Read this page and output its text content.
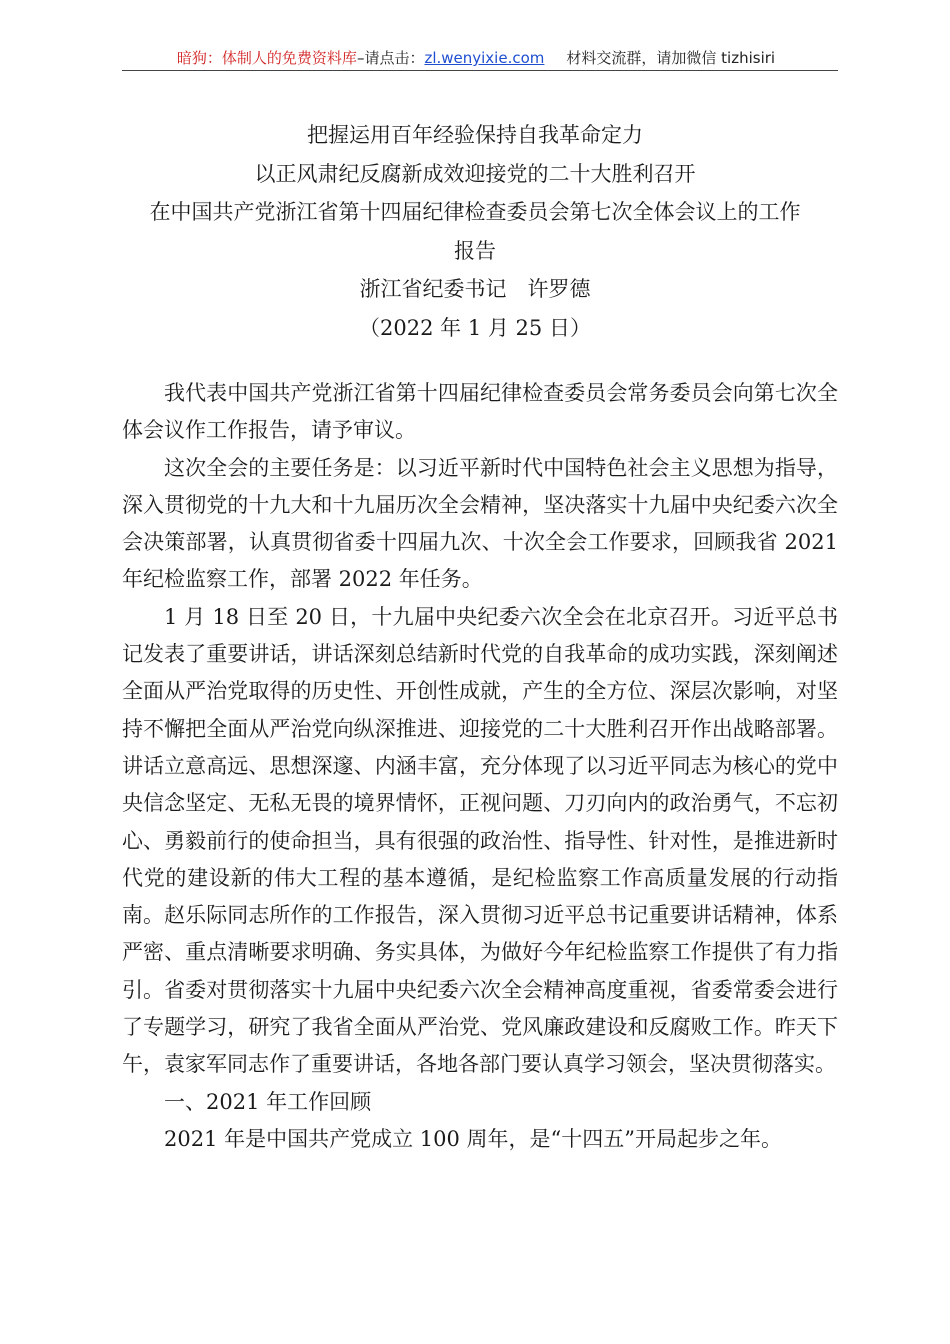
暗狗：体制人的免费资料库–请点击：zl.wenyixie.com 材料交流群，请加微信 tizhisiri
把握运用百年经验保持自我革命定力
以正风肃纪反腐新成效迎接党的二十大胜利召开
在中国共产党浙江省第十四届纪律检查委员会第七次全体会议上的工作
报告
浙江省纪委书记　许罗德
（2022 年 1 月 25 日）

我代表中国共产党浙江省第十四届纪律检查委员会常务委员会向第七次全体会议作工作报告，请予审议。

这次全会的主要任务是：以习近平新时代中国特色社会主义思想为指导，深入贯彻党的十九大和十九届历次全会精神，坚决落实十九届中央纪委六次全会决策部署，认真贯彻省委十四届九次、十次全会工作要求，回顾我省 2021 年纪检监察工作，部署 2022 年任务。

1 月 18 日至 20 日，十九届中央纪委六次全会在北京召开。习近平总书记发表了重要讲话，讲话深刻总结新时代党的自我革命的成功实践，深刻阐述全面从严治党取得的历史性、开创性成就，产生的全方位、深层次影响，对坚持不懈把全面从严治党向纵深推进、迎接党的二十大胜利召开作出战略部署。讲话立意高远、思想深邃、内涵丰富，充分体现了以习近平同志为核心的党中央信念坚定、无私无畏的境界情怀，正视问题、刀刃向内的政治勇气，不忘初心、勇毅前行的使命担当，具有很强的政治性、指导性、针对性，是推进新时代党的建设新的伟大工程的基本遵循，是纪检监察工作高质量发展的行动指南。赵乐际同志所作的工作报告，深入贯彻习近平总书记重要讲话精神，体系严密、重点清晰要求明确、务实具体，为做好今年纪检监察工作提供了有力指引。省委对贯彻落实十九届中央纪委六次全会精神高度重视，省委常委会进行了专题学习，研究了我省全面从严治党、党风廉政建设和反腐败工作。昨天下午，袁家军同志作了重要讲话，各地各部门要认真学习领会，坚决贯彻落实。

一、2021 年工作回顾

2021 年是中国共产党成立 100 周年，是“十四五”开局起步之年。
